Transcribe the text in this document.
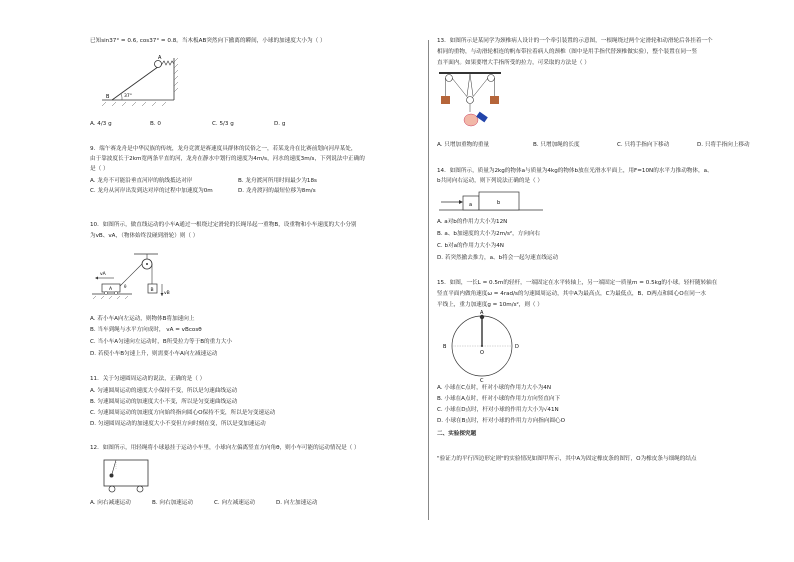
已知sin37° = 0.6, cos37° = 0.8。当木板AB突然向下撤离的瞬间，小球的加速度大小为（ ）
B
A
37°
A. 4/3 g	B. 0	C. 5/3 g	D. g
9．端午赛龙舟是中华民族的传统，龙舟竞渡是赛速度具群体的民俗之一，若某龙舟在比赛前划向河岸某处，
由于靠波度长于2km宽两条平直的河，龙舟在静水中划行的速度为4m/s，河水的速度3m/s，下列说法中正确的
是（ ）
A. 龙舟不可能沿垂直河岸的航线抵达对岸	B. 龙舟渡河所用时间最少为18s
C. 龙舟从河岸出发到达对岸的过程中加速度为0m	D. 龙舟渡河的最短位移为8m/s
10．如图所示，做直线运动的小车A通过一根绕过定滑轮的长绳吊起一重物B，设重物和小车速度的大小分别
为vB、vA，（物体始终没碰到滑轮）则（ ）
A	B
vB
vA
θ
A. 若小车A向左运动，则物体B将加速向上
B. 当车到绳与水平方向成时， vA = vBcosθ
C. 当小车A匀速向左运动时，B所受拉力等于B的重力大小
D. 若使小车B匀速上升，则需要小车A向左减速运动
11．关于匀速圆周运动的说法，正确的是（ ）
A. 匀速圆周运动的速度大小保持不变，所以是匀速曲线运动
B. 匀速圆周运动的加速度大小不变，所以是匀变速曲线运动
C. 匀速圆周运动的加速度方向始终指向圆心O保持不变，所以是匀变速运动
D. 匀速圆周运动的加速度大小不变但方向时刻在变，所以是变加速运动
12．如图所示，用轻绳将小球悬挂于运动小车里，小球向左偏离竖直方向角θ，则小车可能的运动情况是（ ）
A. 向右减速运动	B. 向右加速运动	C. 向左减速运动	D. 向左加速运动
13．如图所示是某同学为颈椎病人设计的一个牵引装置的示意图，一根绳绕过两个定滑轮和动滑轮后各挂着一个
相同的重物，与动滑轮相连的帆布带拉着病人的颈椎（图中是用手指代替颈椎做实验），整个装置在同一竖
直平面内。如果要增大手指所受的拉力，可采取的方法是（ ）
A. 只增加重物的重量	B. 只增加绳的长度	C. 只将手指向下移动	D. 只将手指向上移动
14．如图所示，质量为2kg的物体a与质量为4kg的物体b放在光滑水平面上，用F=10N的水平力推动物体，a、
b共同向右运动，则下列说法正确的是（ ）
a	b
A. a对b的作用力大小为12N
B. a、b加速度的大小为2m/s²，方向向右
C. b对a的作用力大小为4N
D. 若突然撤去推力，a、b将会一起匀速直线运动
15．如图，一长L = 0.5m的轻杆，一端固定在水平转轴上，另一端固定一质量m = 0.5kg的小球。轻杆随转轴在
竖直平面内做角速度ω = 4rad/s的匀速圆周运动，其中A为最高点，C为最低点，B、D两点和圆心O在同一水
平线上，重力加速度g = 10m/s²，则（ ）
A
B
C
D
O
A. 小球在C点时，杆对小球的作用力大小为4N
B. 小球在A点时，杆对小球的作用力方向竖直向下
C. 小球在D点时，杆对小球的作用力大小为√41N
D. 小球在B点时，杆对小球的作用力方向指向圆心O
二、实验探究题
"验证力的平行四边形定则"的实验情况如图甲所示，其中A为固定橡皮条的图钉，O为橡皮条与细绳的结点
